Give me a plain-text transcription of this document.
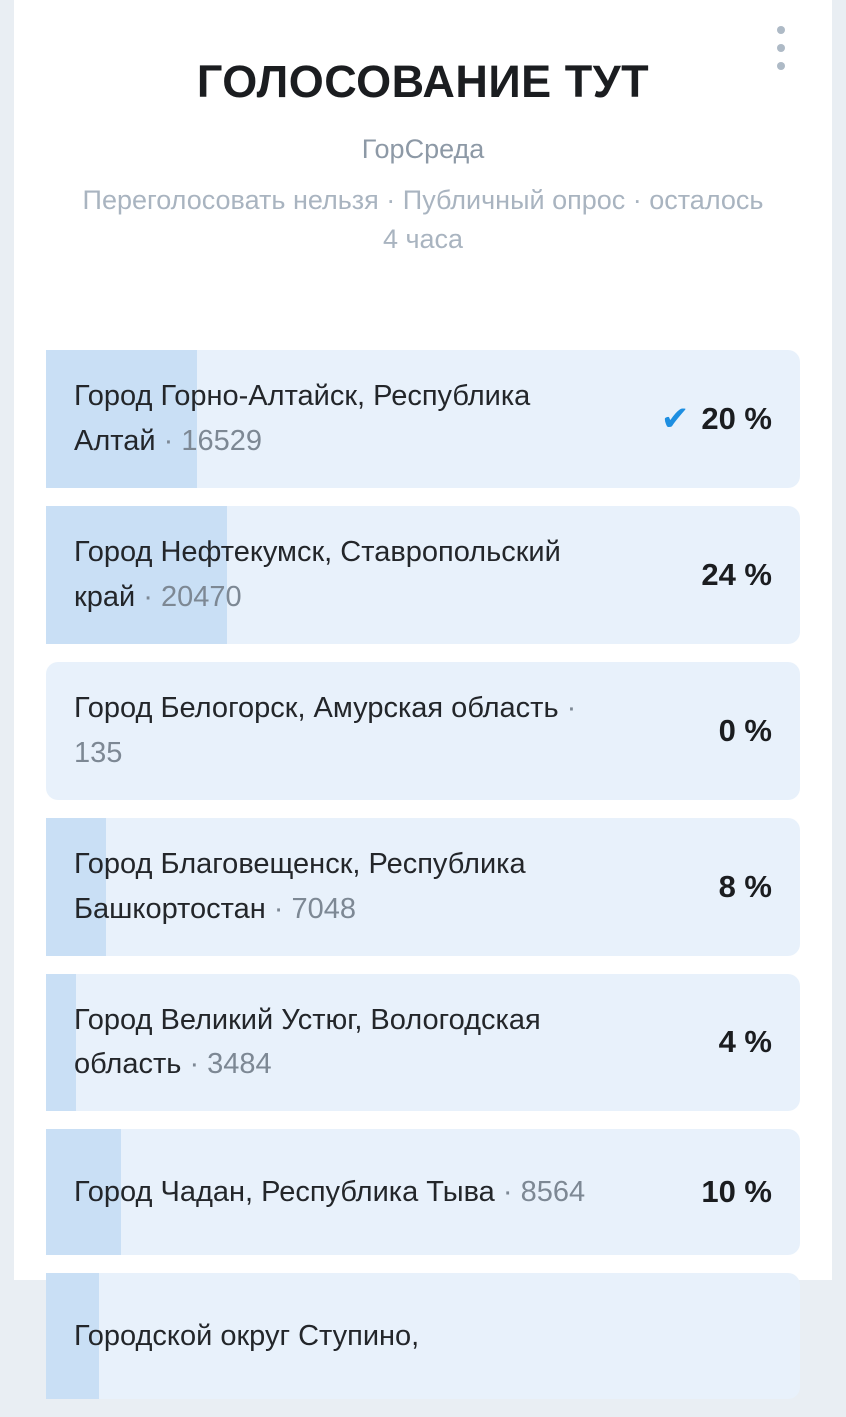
ГОЛОСОВАНИЕ ТУТ
ГорСреда
Переголосовать нельзя · Публичный опрос · осталось 4 часа
Город Горно-Алтайск, Республика Алтай · 16529
✔ 20 %
Город Нефтекумск, Ставропольский край · 20470
24 %
Город Белогорск, Амурская область · 135
0 %
Город Благовещенск, Республика Башкортостан · 7048
8 %
Город Великий Устюг, Вологодская область · 3484
4 %
Город Чадан, Республика Тыва · 8564	10 %
Городской округ Ступино,
